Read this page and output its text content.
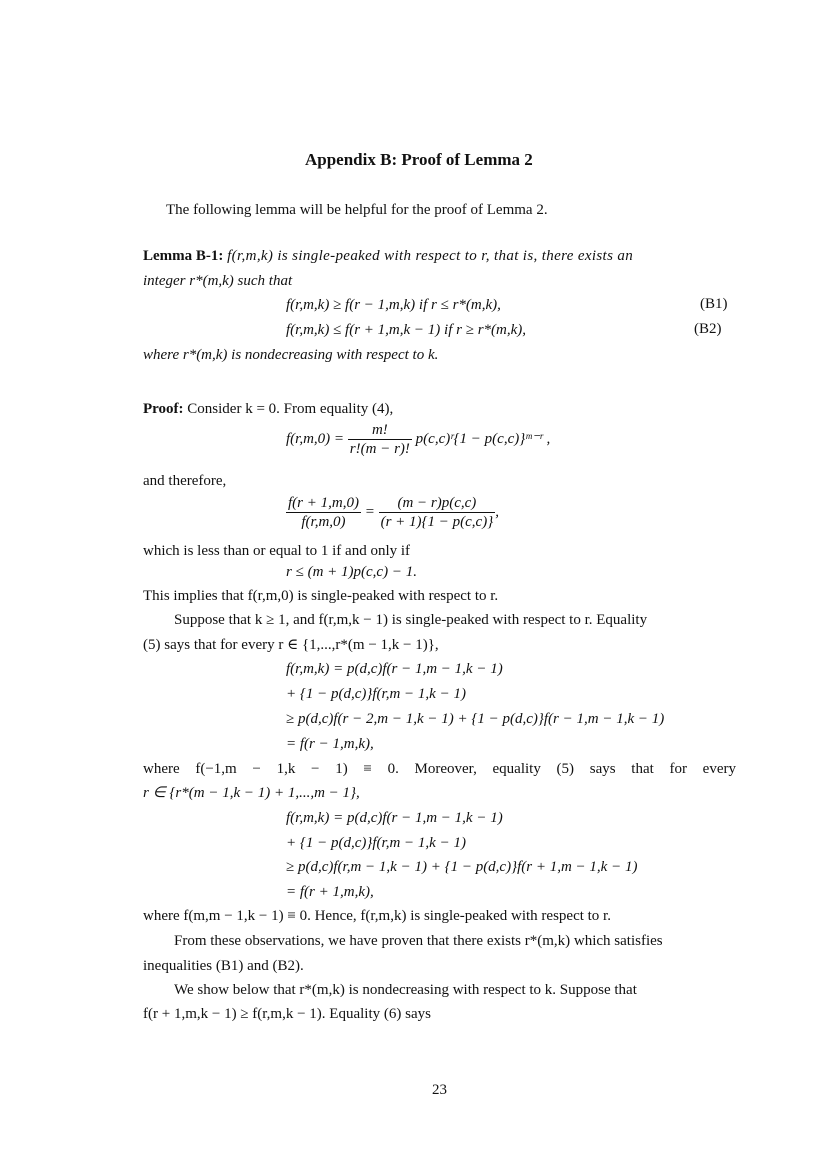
Appendix B: Proof of Lemma 2
The following lemma will be helpful for the proof of Lemma 2.
Lemma B-1: f(r,m,k) is single-peaked with respect to r, that is, there exists an
integer r*(m,k) such that
f(r,m,k) ≥ f(r − 1,m,k) if r ≤ r*(m,k),	(B1)
f(r,m,k) ≤ f(r + 1,m,k − 1) if r ≥ r*(m,k),	(B2)
where r*(m,k) is nondecreasing with respect to k.
Proof: Consider k = 0. From equality (4),
$f(r,m,0) = \frac{m!}{r!(m - r)!}$ p(c,c)ʳ{1 − p(c,c)}ᵐ⁻ʳ ,
and therefore,
$\frac{f(r + 1,m,0)}{f(r,m,0)} = \frac{(m - r)p(c,c)}{(r + 1)\{1 - p(c,c)\}}$ ,
which is less than or equal to 1 if and only if
r ≤ (m + 1)p(c,c) − 1.
This implies that f(r,m,0) is single-peaked with respect to r.
Suppose that k ≥ 1, and f(r,m,k − 1) is single-peaked with respect to r. Equality
(5) says that for every r ∈ {1,...,r*(m − 1,k − 1)},
f(r,m,k) = p(d,c)f(r − 1,m − 1,k − 1)
+ {1 − p(d,c)}f(r,m − 1,k − 1)
≥ p(d,c)f(r − 2,m − 1,k − 1) + {1 − p(d,c)}f(r − 1,m − 1,k − 1)
= f(r − 1,m,k),
where f(−1,m − 1,k − 1) ≡ 0. Moreover, equality (5) says that for every
r ∈ {r*(m − 1,k − 1) + 1,...,m − 1},
f(r,m,k) = p(d,c)f(r − 1,m − 1,k − 1)
+ {1 − p(d,c)}f(r,m − 1,k − 1)
≥ p(d,c)f(r,m − 1,k − 1) + {1 − p(d,c)}f(r + 1,m − 1,k − 1)
= f(r + 1,m,k),
where f(m,m − 1,k − 1) ≡ 0. Hence, f(r,m,k) is single-peaked with respect to r.
From these observations, we have proven that there exists r*(m,k) which satisfies
inequalities (B1) and (B2).
We show below that r*(m,k) is nondecreasing with respect to k. Suppose that
f(r + 1,m,k − 1) ≥ f(r,m,k − 1). Equality (6) says
23
